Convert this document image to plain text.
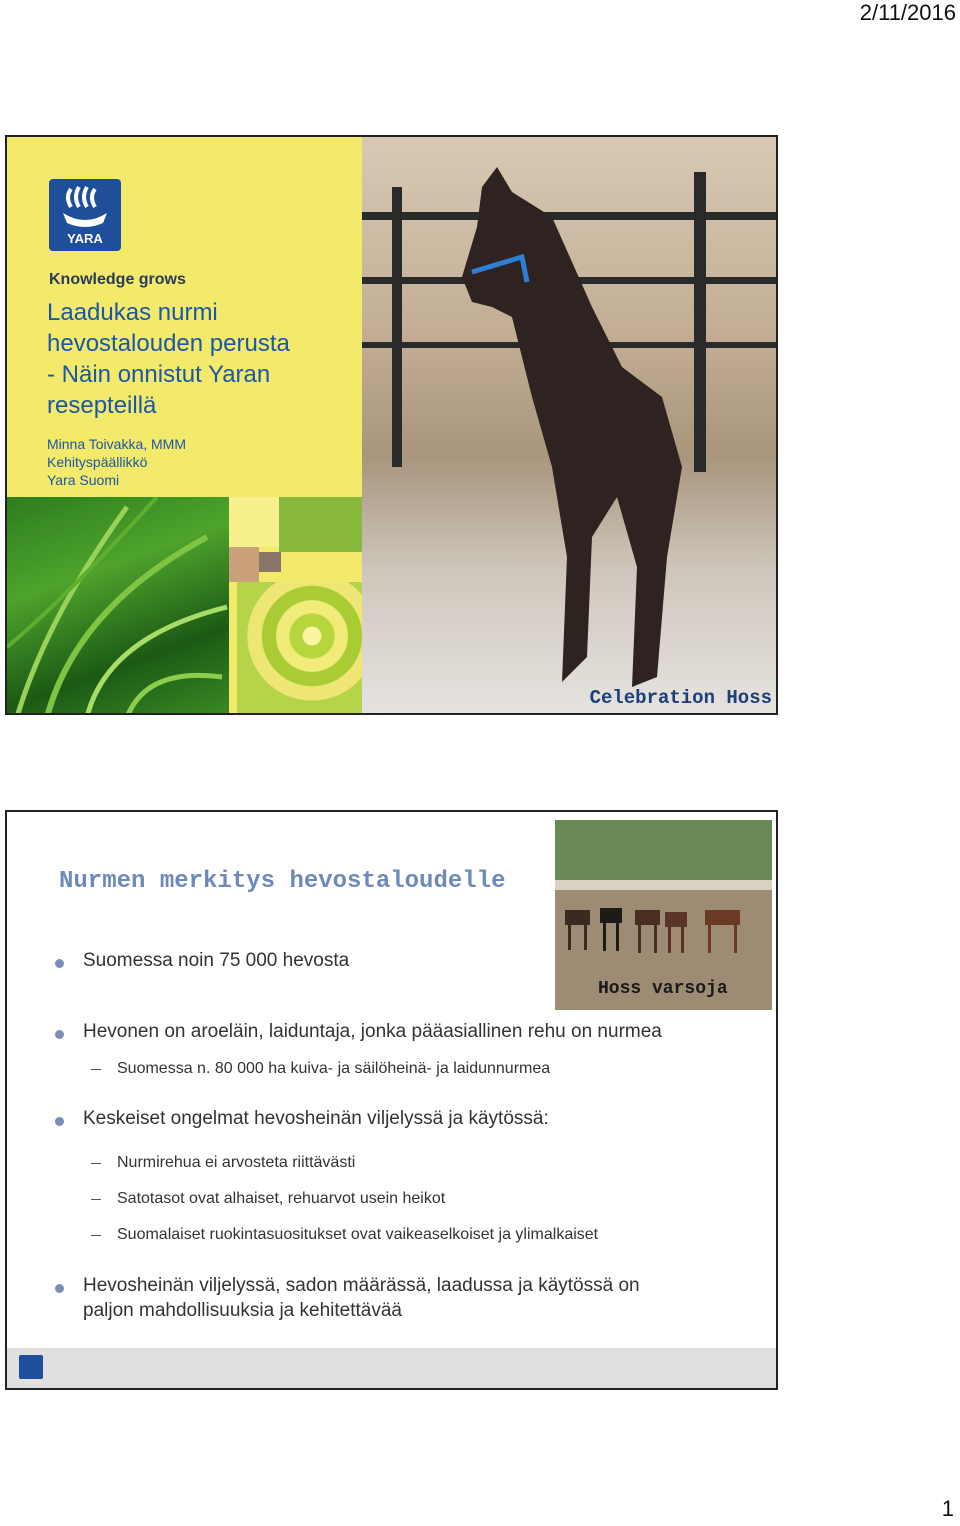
2/11/2016
YARA
Knowledge grows
Laadukas nurmi
hevostalouden perusta
- Näin onnistut Yaran
resepteillä
Minna Toivakka, MMM
Kehityspäällikkö
Yara Suomi
Celebration Hoss
Nurmen merkitys hevostaloudelle
Hoss varsoja
Suomessa noin 75 000 hevosta
Hevonen on aroeläin, laiduntaja, jonka pääasiallinen rehu on nurmea
Suomessa n. 80 000 ha kuiva- ja säilöheinä- ja laidunnurmea
Keskeiset ongelmat hevosheinän viljelyssä ja käytössä:
Nurmirehua ei arvosteta riittävästi
Satotasot ovat alhaiset, rehuarvot usein heikot
Suomalaiset ruokintasuositukset ovat vaikeaselkoiset ja ylimalkaiset
Hevosheinän viljelyssä, sadon määrässä, laadussa ja käytössä on
paljon mahdollisuuksia ja kehitettävää
1
